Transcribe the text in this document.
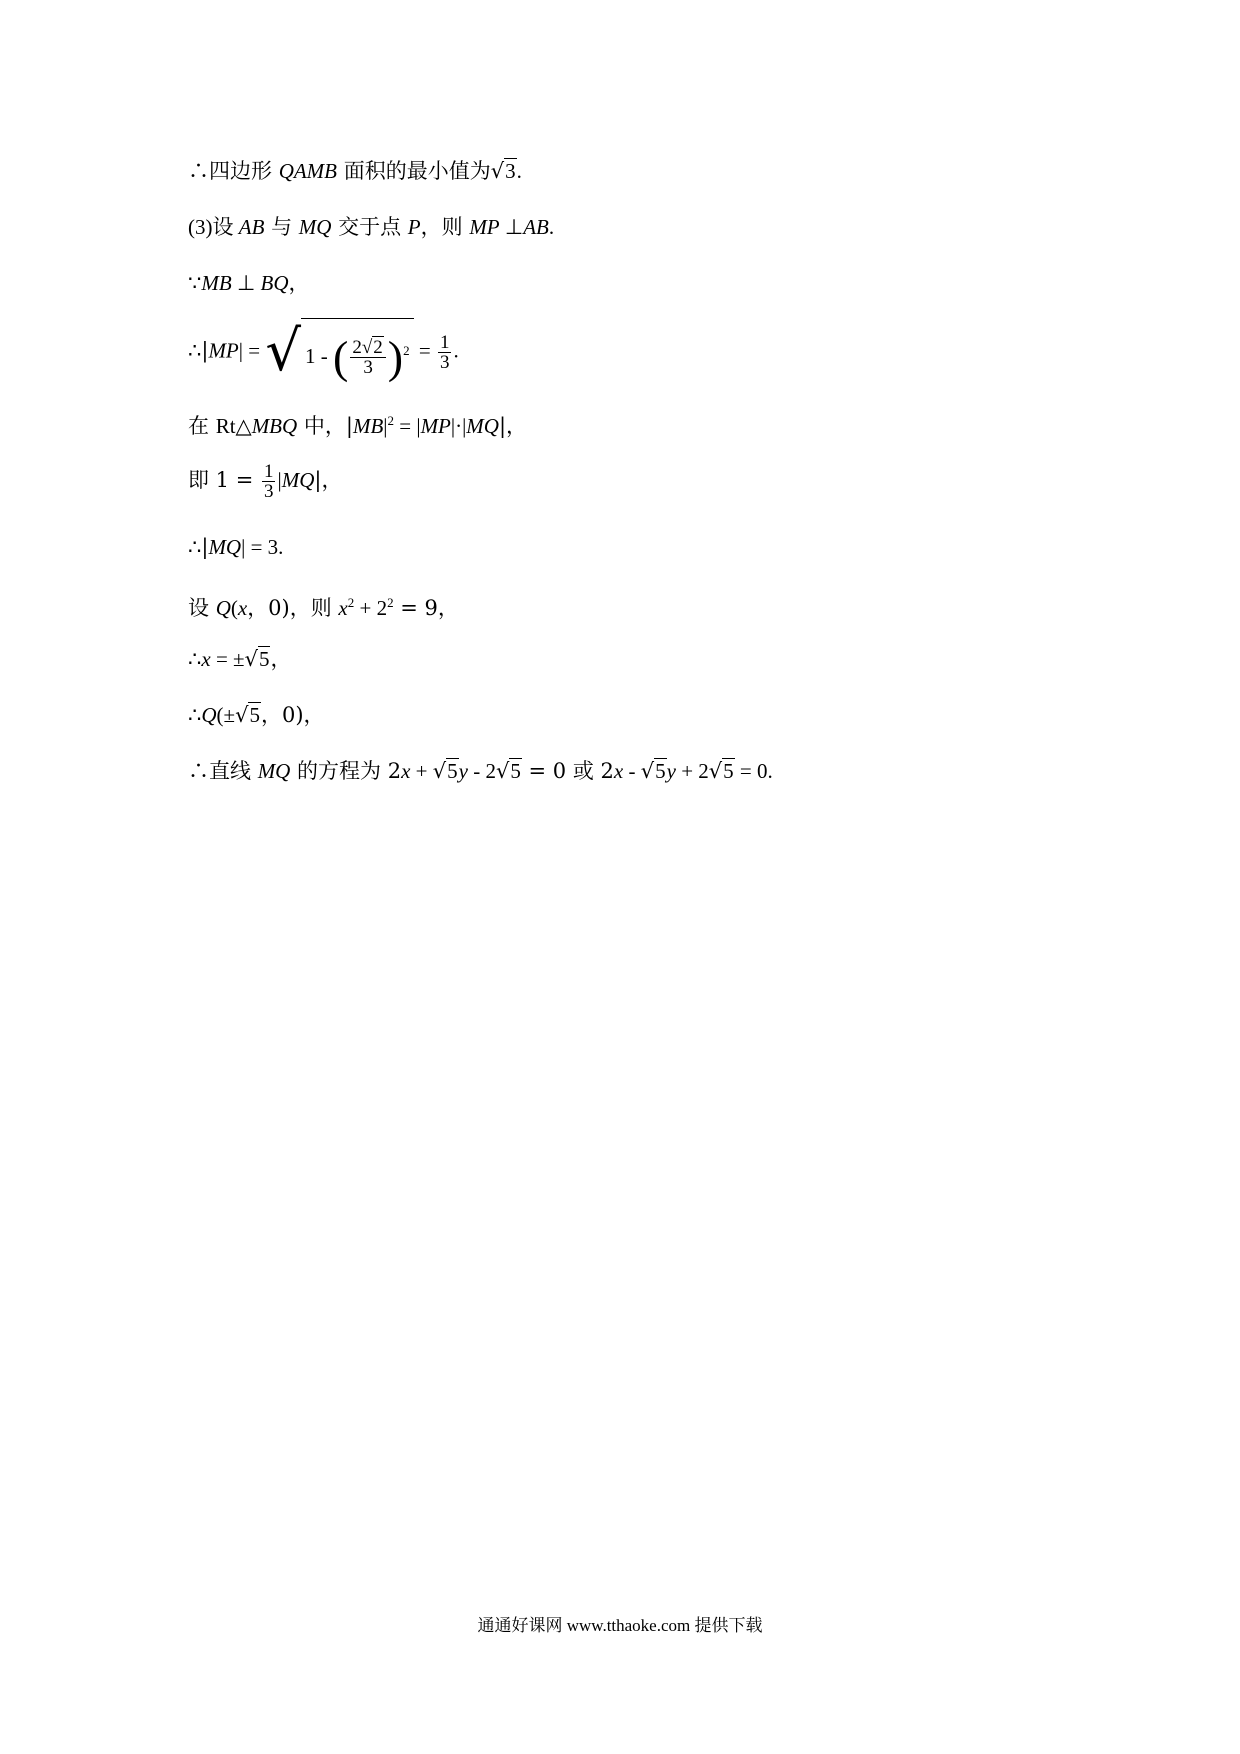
∴四边形 QAMB 面积的最小值为√3.
(3)设 AB 与 MQ 交于点 P，则 MP ⊥AB.
∵MB ⊥ BQ，
∴|MP| = √ 1 - ( $\frac{2√2}{3} )^2 = \frac{1}{3}$ .
在 Rt△MBQ 中，$|MB|^2 = |MP|\cdot|MQ|$，
即 $1 = \frac{1}{3} |MQ|$，
∴|MQ| = 3.
设 Q(x，0)，则 $x^2 + 2^2 = 9$，
∴x = ±√5，
∴Q(±√5，0)，
∴直线 MQ 的方程为 2x + √5y - 2√5 = 0 或 2x - √5y + 2√5 = 0.
通通好课网 www.tthaoke.com 提供下载
